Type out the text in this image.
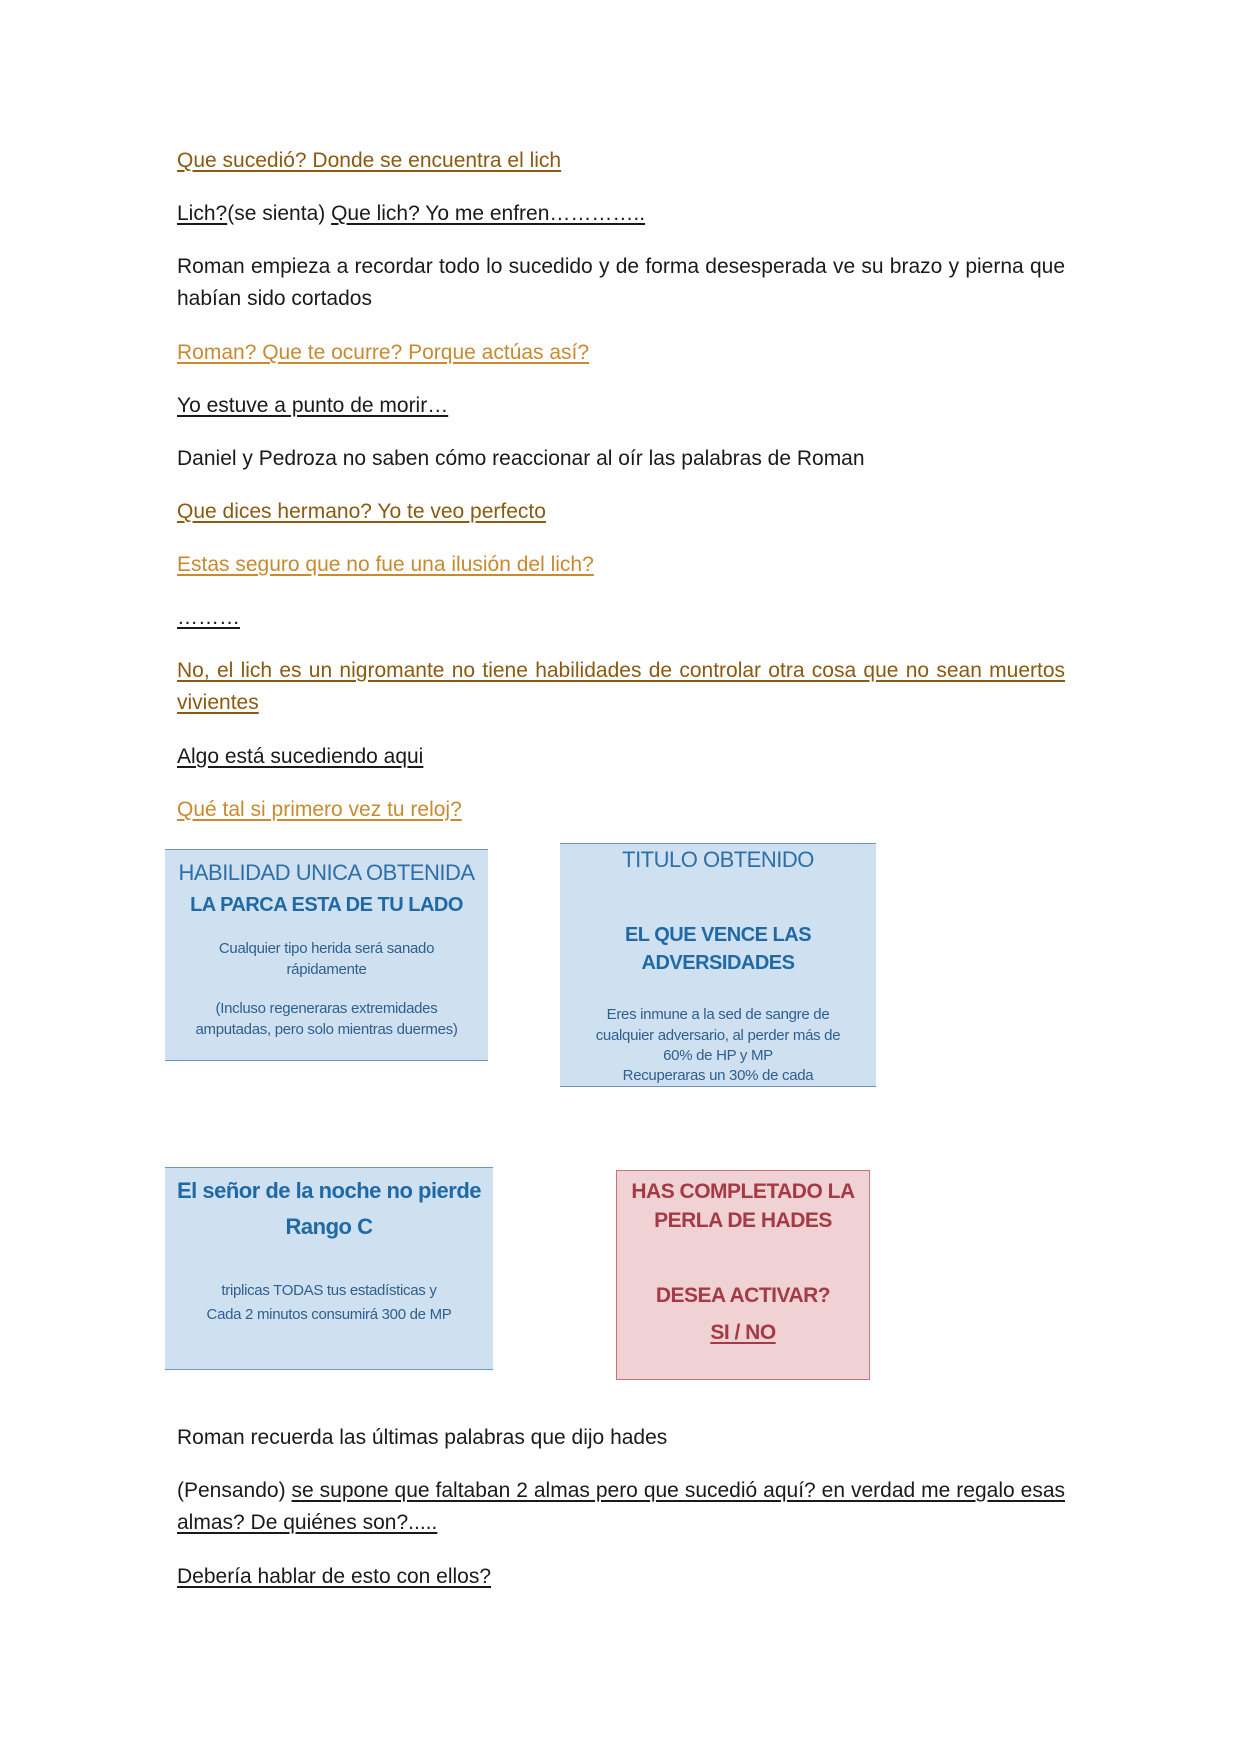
Que sucedió? Donde se encuentra el lich

Lich?(se sienta) Que lich? Yo me enfren…………..

Roman empieza a recordar todo lo sucedido y de forma desesperada ve su brazo y pierna que habían sido cortados

Roman? Que te ocurre? Porque actúas así?

Yo estuve a punto de morir…

Daniel y Pedroza no saben cómo reaccionar al oír las palabras de Roman

Que dices hermano? Yo te veo perfecto

Estas seguro que no fue una ilusión del lich?

………

No, el lich es un nigromante no tiene habilidades de controlar otra cosa que no sean muertos vivientes

Algo está sucediendo aqui

Qué tal si primero vez tu reloj?

HABILIDAD UNICA OBTENIDA
LA PARCA ESTA DE TU LADO
Cualquier tipo herida será sanado
rápidamente
(Incluso regeneraras extremidades
amputadas, pero solo mientras duermes)
TITULO OBTENIDO
EL QUE VENCE LAS
ADVERSIDADES
Eres inmune a la sed de sangre de
cualquier adversario, al perder más de
60% de HP y MP
Recuperaras un 30% de cada
El señor de la noche no pierde
Rango C
triplicas TODAS tus estadísticas y
Cada 2 minutos consumirá 300 de MP
HAS COMPLETADO LA
PERLA DE HADES
DESEA ACTIVAR?
SI / NO

Roman recuerda las últimas palabras que dijo hades

(Pensando) se supone que faltaban 2 almas pero que sucedió aquí? en verdad me regalo esas almas? De quiénes son?.....

Debería hablar de esto con ellos?
